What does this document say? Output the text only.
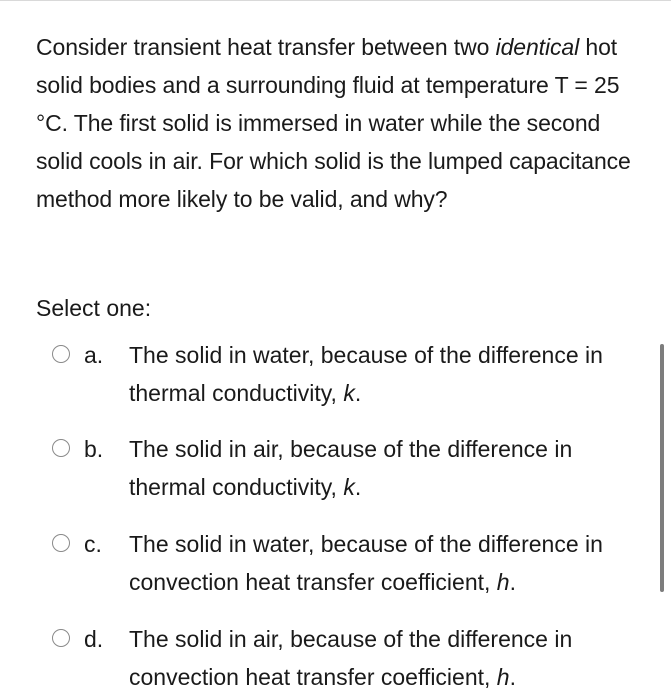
Consider transient heat transfer between two identical hot solid bodies and a surrounding fluid at temperature T = 25 °C. The first solid is immersed in water while the second solid cools in air. For which solid is the lumped capacitance method more likely to be valid, and why?
Select one:
a. The solid in water, because of the difference in thermal conductivity, k.
b. The solid in air, because of the difference in thermal conductivity, k.
c. The solid in water, because of the difference in convection heat transfer coefficient, h.
d. The solid in air, because of the difference in convection heat transfer coefficient, h.
